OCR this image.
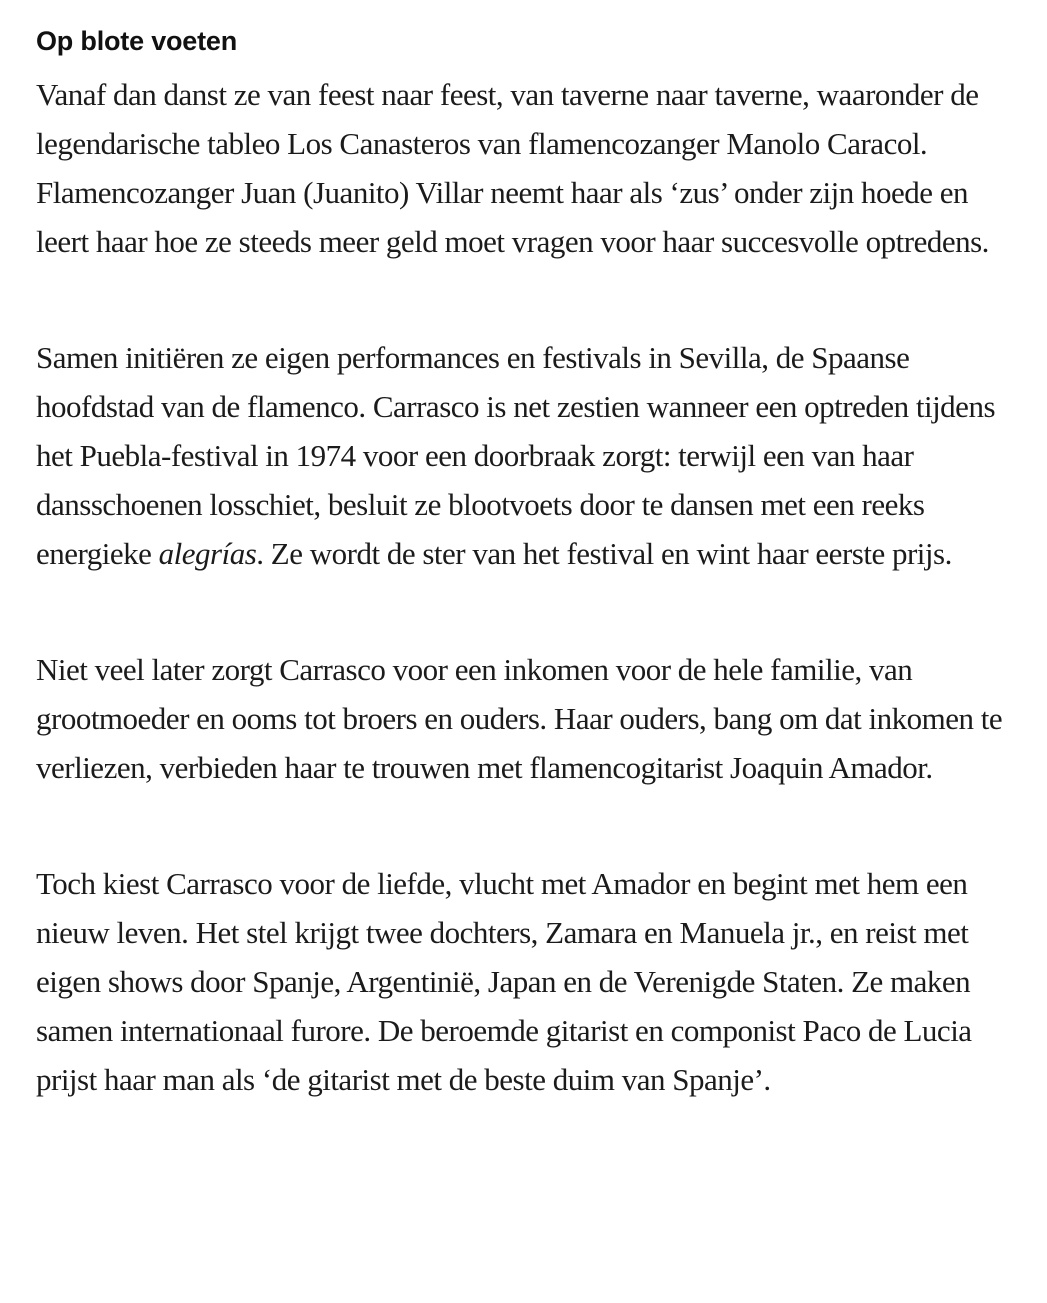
Op blote voeten

Vanaf dan danst ze van feest naar feest, van taverne naar taverne, waaronder de legendarische tableo Los Canasteros van flamencozanger Manolo Caracol. Flamencozanger Juan (Juanito) Villar neemt haar als ‘zus’ onder zijn hoede en leert haar hoe ze steeds meer geld moet vragen voor haar succesvolle optredens.

Samen initiëren ze eigen performances en festivals in Sevilla, de Spaanse hoofdstad van de flamenco. Carrasco is net zestien wanneer een optreden tijdens het Puebla-festival in 1974 voor een doorbraak zorgt: terwijl een van haar dansschoenen losschiet, besluit ze blootvoets door te dansen met een reeks energieke alegrías. Ze wordt de ster van het festival en wint haar eerste prijs.

Niet veel later zorgt Carrasco voor een inkomen voor de hele familie, van grootmoeder en ooms tot broers en ouders. Haar ouders, bang om dat inkomen te verliezen, verbieden haar te trouwen met flamencogitarist Joaquin Amador.

Toch kiest Carrasco voor de liefde, vlucht met Amador en begint met hem een nieuw leven. Het stel krijgt twee dochters, Zamara en Manuela jr., en reist met eigen shows door Spanje, Argentinië, Japan en de Verenigde Staten. Ze maken samen internationaal furore. De beroemde gitarist en componist Paco de Lucia prijst haar man als ‘de gitarist met de beste duim van Spanje’.
